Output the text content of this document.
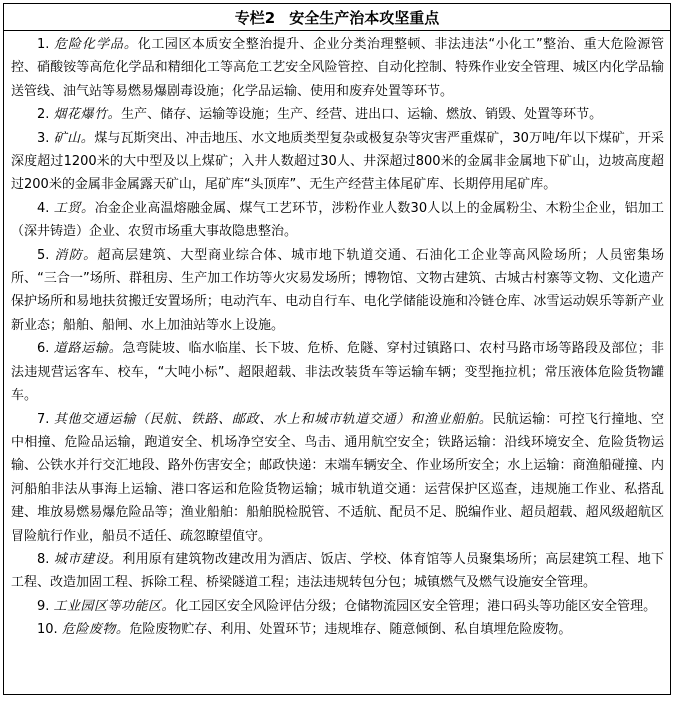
专栏2 安全生产治本攻坚重点

1. 危险化学品。化工园区本质安全整治提升、企业分类治理整顿、非法违法“小化工”整治、重大危险源管控、硝酸铵等高危化学品和精细化工等高危工艺安全风险管控、自动化控制、特殊作业安全管理、城区内化学品输送管线、油气站等易燃易爆剧毒设施；化学品运输、使用和废弃处置等环节。

2. 烟花爆竹。生产、储存、运输等设施；生产、经营、进出口、运输、燃放、销毁、处置等环节。

3. 矿山。煤与瓦斯突出、冲击地压、水文地质类型复杂或极复杂等灾害严重煤矿，30万吨/年以下煤矿，开采深度超过1200米的大中型及以上煤矿；入井人数超过30人、井深超过800米的金属非金属地下矿山，边坡高度超过200米的金属非金属露天矿山，尾矿库“头顶库”、无生产经营主体尾矿库、长期停用尾矿库。

4. 工贸。冶金企业高温熔融金属、煤气工艺环节，涉粉作业人数30人以上的金属粉尘、木粉尘企业，铝加工（深井铸造）企业、农贸市场重大事故隐患整治。

5. 消防。超高层建筑、大型商业综合体、城市地下轨道交通、石油化工企业等高风险场所；人员密集场所、“三合一”场所、群租房、生产加工作坊等火灾易发场所；博物馆、文物古建筑、古城古村寨等文物、文化遗产保护场所和易地扶贫搬迁安置场所；电动汽车、电动自行车、电化学储能设施和冷链仓库、冰雪运动娱乐等新产业新业态；船舶、船闸、水上加油站等水上设施。

6. 道路运输。急弯陡坡、临水临崖、长下坡、危桥、危隧、穿村过镇路口、农村马路市场等路段及部位；非法违规营运客车、校车，“大吨小标”、超限超载、非法改装货车等运输车辆；变型拖拉机；常压液体危险货物罐车。

7. 其他交通运输（民航、铁路、邮政、水上和城市轨道交通）和渔业船舶。民航运输：可控飞行撞地、空中相撞、危险品运输，跑道安全、机场净空安全、鸟击、通用航空安全；铁路运输：沿线环境安全、危险货物运输、公铁水并行交汇地段、路外伤害安全；邮政快递：末端车辆安全、作业场所安全；水上运输：商渔船碰撞、内河船舶非法从事海上运输、港口客运和危险货物运输；城市轨道交通：运营保护区巡查，违规施工作业、私搭乱建、堆放易燃易爆危险品等；渔业船舶：船舶脱检脱管、不适航、配员不足、脱编作业、超员超载、超风级超航区冒险航行作业，船员不适任、疏忽瞭望值守。

8. 城市建设。利用原有建筑物改建改用为酒店、饭店、学校、体育馆等人员聚集场所；高层建筑工程、地下工程、改造加固工程、拆除工程、桥梁隧道工程；违法违规转包分包；城镇燃气及燃气设施安全管理。

9. 工业园区等功能区。化工园区安全风险评估分级；仓储物流园区安全管理；港口码头等功能区安全管理。

10. 危险废物。危险废物贮存、利用、处置环节；违规堆存、随意倾倒、私自填埋危险废物。
